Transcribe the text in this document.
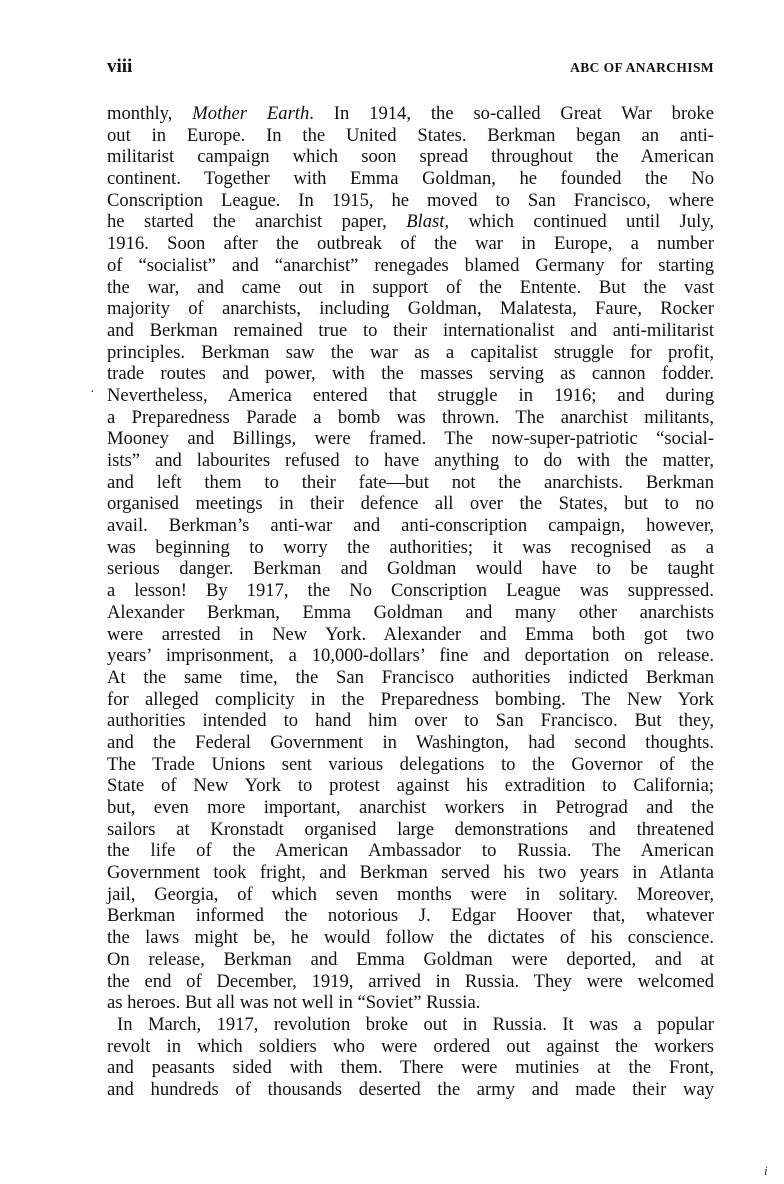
viii	ABC OF ANARCHISM
·
monthly, Mother Earth. In 1914, the so-called Great War broke
out in Europe. In the United States. Berkman began an anti-
militarist campaign which soon spread throughout the American
continent. Together with Emma Goldman, he founded the No
Conscription League. In 1915, he moved to San Francisco, where
he started the anarchist paper, Blast, which continued until July,
1916. Soon after the outbreak of the war in Europe, a number
of “socialist” and “anarchist” renegades blamed Germany for starting
the war, and came out in support of the Entente. But the vast
majority of anarchists, including Goldman, Malatesta, Faure, Rocker
and Berkman remained true to their internationalist and anti-militarist
principles. Berkman saw the war as a capitalist struggle for profit,
trade routes and power, with the masses serving as cannon fodder.
Nevertheless, America entered that struggle in 1916; and during
a Preparedness Parade a bomb was thrown. The anarchist militants,
Mooney and Billings, were framed. The now-super-patriotic “social-
ists” and labourites refused to have anything to do with the matter,
and left them to their fate—but not the anarchists. Berkman
organised meetings in their defence all over the States, but to no
avail. Berkman’s anti-war and anti-conscription campaign, however,
was beginning to worry the authorities; it was recognised as a
serious danger. Berkman and Goldman would have to be taught
a lesson! By 1917, the No Conscription League was suppressed.
Alexander Berkman, Emma Goldman and many other anarchists
were arrested in New York. Alexander and Emma both got two
years’ imprisonment, a 10,000-dollars’ fine and deportation on release.
At the same time, the San Francisco authorities indicted Berkman
for alleged complicity in the Preparedness bombing. The New York
authorities intended to hand him over to San Francisco. But they,
and the Federal Government in Washington, had second thoughts.
The Trade Unions sent various delegations to the Governor of the
State of New York to protest against his extradition to California;
but, even more important, anarchist workers in Petrograd and the
sailors at Kronstadt organised large demonstrations and threatened
the life of the American Ambassador to Russia. The American
Government took fright, and Berkman served his two years in Atlanta
jail, Georgia, of which seven months were in solitary. Moreover,
Berkman informed the notorious J. Edgar Hoover that, whatever
the laws might be, he would follow the dictates of his conscience.
On release, Berkman and Emma Goldman were deported, and at
the end of December, 1919, arrived in Russia. They were welcomed
as heroes. But all was not well in “Soviet” Russia.
In March, 1917, revolution broke out in Russia. It was a popular
revolt in which soldiers who were ordered out against the workers
and peasants sided with them. There were mutinies at the Front,
and hundreds of thousands deserted the army and made their way
i
